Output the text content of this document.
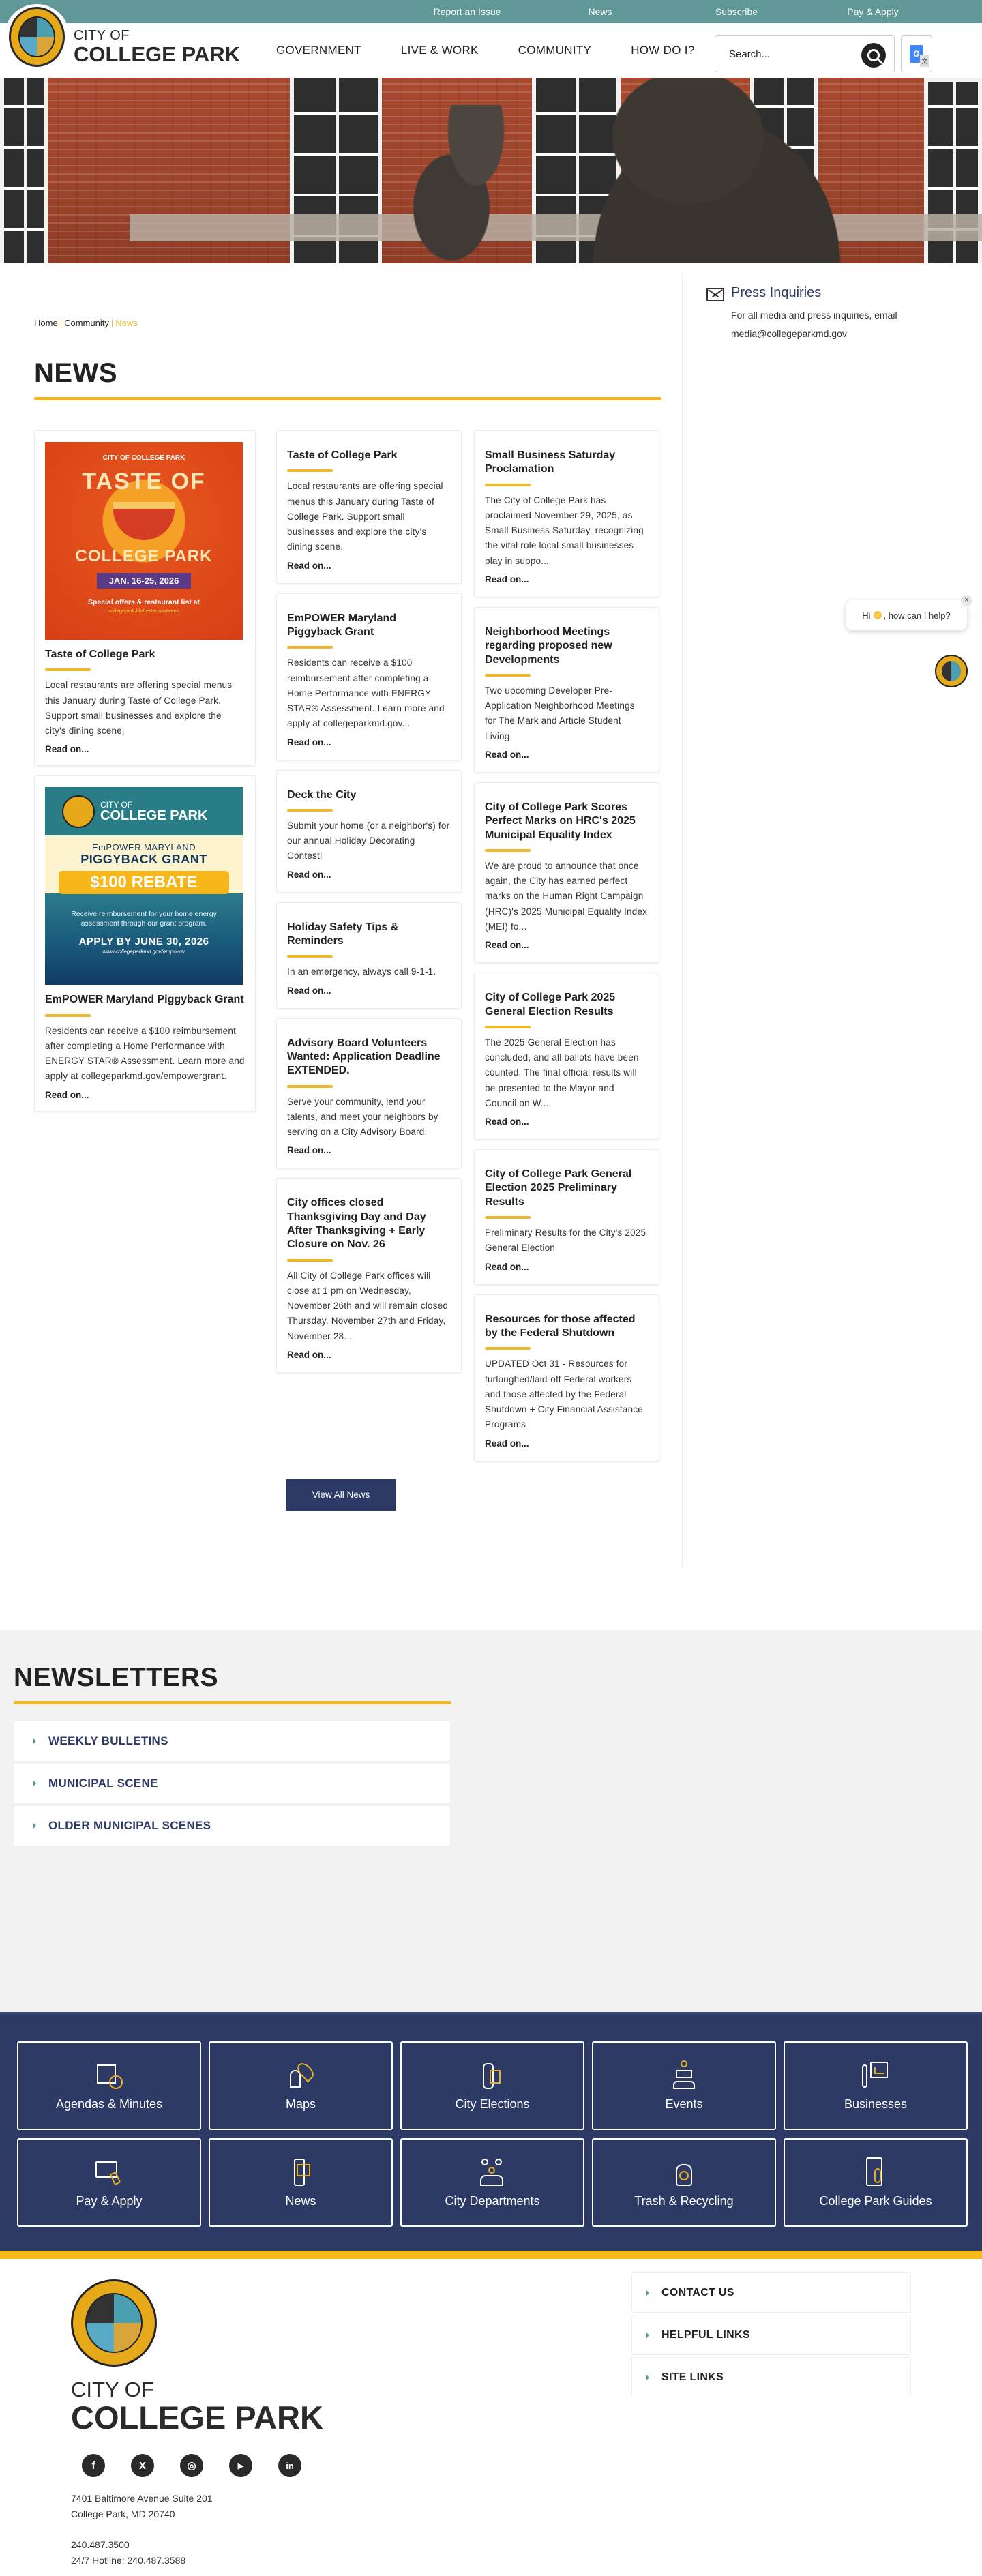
Report an Issue	News	Subscribe	Pay & Apply
CITY OF
COLLEGE PARK	GOVERNMENT	LIVE & WORK	COMMUNITY	HOW DO I?
Search...	G 文
Home | Community | News
NEWS
CITY OF COLLEGE PARK
TASTE OF
COLLEGE PARK
JAN. 16-25, 2026
Special offers & restaurant list at
collegepark.life/restaurantweek
Taste of College Park

Local restaurants are offering special menus this January during Taste of College Park. Support small businesses and explore the city's dining scene.

Read on...
CITY OF
COLLEGE PARK
EmPOWER MARYLAND
PIGGYBACK GRANT
$100 REBATE
Receive reimbursement for your home energy assessment through our grant program.
APPLY BY JUNE 30, 2026
www.collegeparkmd.gov/empower
EmPOWER Maryland Piggyback Grant

Residents can receive a $100 reimbursement after completing a Home Performance with ENERGY STAR® Assessment. Learn more and apply at collegeparkmd.gov/empowergrant.

Read on...
Taste of College Park

Local restaurants are offering special menus this January during Taste of College Park. Support small businesses and explore the city's dining scene.

Read on...
EmPOWER Maryland Piggyback Grant

Residents can receive a $100 reimbursement after completing a Home Performance with ENERGY STAR® Assessment. Learn more and apply at collegeparkmd.gov...

Read on...
Deck the City

Submit your home (or a neighbor's) for our annual Holiday Decorating Contest!

Read on...
Holiday Safety Tips & Reminders

In an emergency, always call 9-1-1.

Read on...
Advisory Board Volunteers Wanted: Application Deadline EXTENDED.

Serve your community, lend your talents, and meet your neighbors by serving on a City Advisory Board.

Read on...
City offices closed Thanksgiving Day and Day After Thanksgiving + Early Closure on Nov. 26

All City of College Park offices will close at 1 pm on Wednesday, November 26th and will remain closed Thursday, November 27th and Friday, November 28...

Read on...
Small Business Saturday Proclamation

The City of College Park has proclaimed November 29, 2025, as Small Business Saturday, recognizing the vital role local small businesses play in suppo...

Read on...
Neighborhood Meetings regarding proposed new Developments

Two upcoming Developer Pre-Application Neighborhood Meetings for The Mark and Article Student Living

Read on...
City of College Park Scores Perfect Marks on HRC's 2025 Municipal Equality Index

We are proud to announce that once again, the City has earned perfect marks on the Human Right Campaign (HRC)'s 2025 Municipal Equality Index (MEI) fo...

Read on...
City of College Park 2025 General Election Results

The 2025 General Election has concluded, and all ballots have been counted. The final official results will be presented to the Mayor and Council on W...

Read on...
City of College Park General Election 2025 Preliminary Results

Preliminary Results for the City's 2025 General Election

Read on...
Resources for those affected by the Federal Shutdown

UPDATED Oct 31 - Resources for furloughed/laid-off Federal workers and those affected by the Federal Shutdown + City Financial Assistance Programs

Read on...
View All News
Press Inquiries

For all media and press inquiries, email
media@collegeparkmd.gov

Hi , how can I help?
×
NEWSLETTERS
WEEKLY BULLETINS
MUNICIPAL SCENE
OLDER MUNICIPAL SCENES
Agendas & Minutes	Maps	City Elections	Events	Businesses
Pay & Apply	News	City Departments	Trash & Recycling	College Park Guides
CITY OF
COLLEGE PARK
f	X	◎	▶	in
7401 Baltimore Avenue Suite 201
College Park, MD 20740
240.487.3500
24/7 Hotline: 240.487.3588
CONTACT US
HELPFUL LINKS
SITE LINKS
